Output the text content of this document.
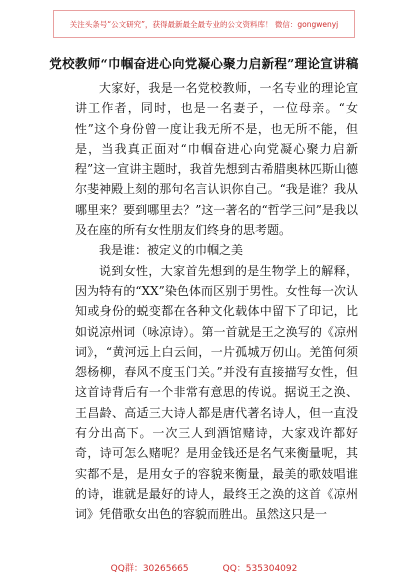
关注头条号“公文研究”，获得最新最全最专业的公文资料库！ 微信：gongwenyj
党校教师“巾帼奋进心向党凝心聚力启新程”理论宣讲稿

大家好，我是一名党校教师，一名专业的理论宣讲工作者，同时，也是一名妻子，一位母亲。“女性”这个身份曾一度让我无所不是，也无所不能，但是，当我真正面对“巾帼奋进心向党凝心聚力启新程”这一宣讲主题时，我首先想到古希腊奥林匹斯山德尔斐神殿上刻的那句名言认识你自己。“我是谁？我从哪里来？要到哪里去？”这一著名的“哲学三问”是我以及在座的所有女性朋友们终身的思考题。

我是谁：被定义的巾帼之美

说到女性，大家首先想到的是生物学上的解释，因为特有的“XX”染色体而区别于男性。女性每一次认知或身份的蜕变都在各种文化载体中留下了印记，比如说凉州词（咏凉诗）。第一首就是王之涣写的《凉州词》，“黄河远上白云间，一片孤城万仞山。羌笛何须怨杨柳，春风不度玉门关。”并没有直接描写女性，但这首诗背后有一个非常有意思的传说。据说王之涣、王昌龄、高适三大诗人都是唐代著名诗人，但一直没有分出高下。一次三人到酒馆赌诗，大家戏许都好奇，诗可怎么赌呢？是用金钱还是名气来衡量呢，其实都不是，是用女子的容貌来衡量，最美的歌妓唱谁的诗，谁就是最好的诗人，最终王之涣的这首《凉州词》凭借歌女出色的容貌而胜出。虽然这只是一

QQ群：30265665	QQ：535304092
